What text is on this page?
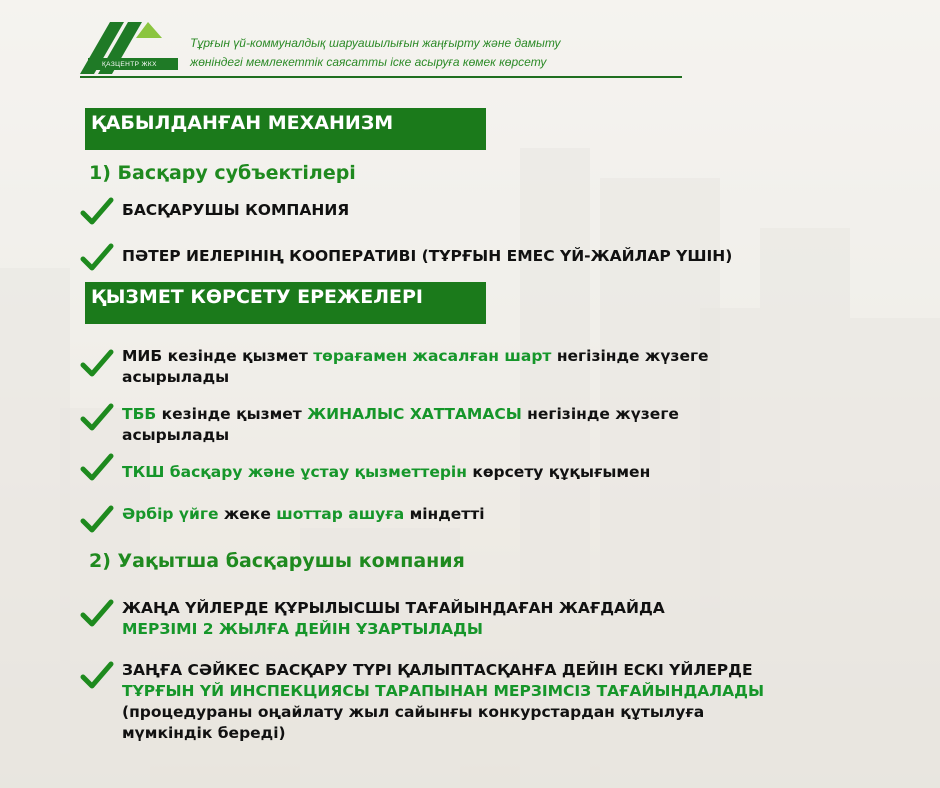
ҚАЗЦЕНТР ЖКХ
Тұрғын үй-коммуналдық шаруашылығын жаңғырту және дамыту
жөніндегі мемлекеттік саясатты іске асыруға көмек көрсету
ҚАБЫЛДАНҒАН МЕХАНИЗМ
1) Басқару субъектілері
БАСҚАРУШЫ КОМПАНИЯ
ПӘТЕР ИЕЛЕРІНІҢ КООПЕРАТИВІ (ТҰРҒЫН ЕМЕС ҮЙ-ЖАЙЛАР ҮШІН)
ҚЫЗМЕТ КӨРСЕТУ ЕРЕЖЕЛЕРІ
МИБ кезінде қызмет төрағамен жасалған шарт негізінде жүзеге
асырылады
ТББ кезінде қызмет ЖИНАЛЫС ХАТТАМАСЫ негізінде жүзеге
асырылады
ТКШ басқару және ұстау қызметтерін көрсету құқығымен
Әрбір үйге жеке шоттар ашуға міндетті
2) Уақытша басқарушы компания
ЖАҢА ҮЙЛЕРДЕ ҚҰРЫЛЫСШЫ ТАҒАЙЫНДАҒАН ЖАҒДАЙДА
МЕРЗІМІ 2 ЖЫЛҒА ДЕЙІН ҰЗАРТЫЛАДЫ
ЗАҢҒА СӘЙКЕС БАСҚАРУ ТҮРІ ҚАЛЫПТАСҚАНҒА ДЕЙІН ЕСКІ ҮЙЛЕРДЕ
ТҰРҒЫН ҮЙ ИНСПЕКЦИЯСЫ ТАРАПЫНАН МЕРЗІМСІЗ ТАҒАЙЫНДАЛАДЫ
(процедураны оңайлату жыл сайынғы конкурстардан құтылуға
мүмкіндік береді)
